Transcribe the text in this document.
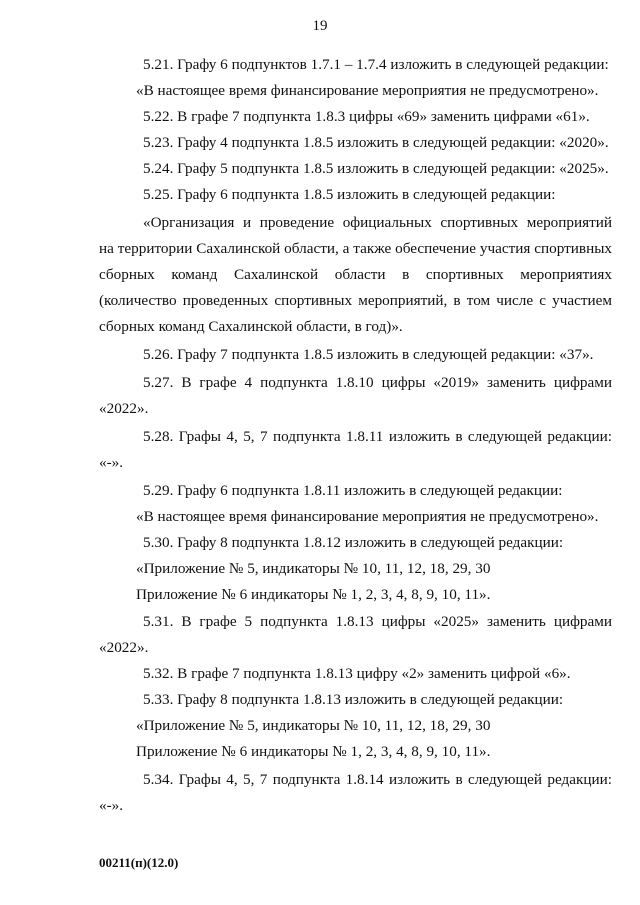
19
5.21. Графу 6 подпунктов 1.7.1 – 1.7.4 изложить в следующей редакции:
«В настоящее время финансирование мероприятия не предусмотрено».
5.22. В графе 7 подпункта 1.8.3 цифры «69» заменить цифрами «61».
5.23. Графу 4 подпункта 1.8.5 изложить в следующей редакции: «2020».
5.24. Графу 5 подпункта 1.8.5 изложить в следующей редакции: «2025».
5.25. Графу 6 подпункта 1.8.5 изложить в следующей редакции:
«Организация и проведение официальных спортивных мероприятий
на территории Сахалинской области, а также обеспечение участия спортивных
сборных команд Сахалинской области в спортивных мероприятиях
(количество проведенных спортивных мероприятий, в том числе с участием
сборных команд Сахалинской области, в год)».
5.26. Графу 7 подпункта 1.8.5 изложить в следующей редакции: «37».
5.27. В графе 4 подпункта 1.8.10 цифры «2019» заменить цифрами
«2022».
5.28. Графы 4, 5, 7 подпункта 1.8.11 изложить в следующей редакции:
«-».
5.29. Графу 6 подпункта 1.8.11 изложить в следующей редакции:
«В настоящее время финансирование мероприятия не предусмотрено».
5.30. Графу 8 подпункта 1.8.12 изложить в следующей редакции:
«Приложение № 5, индикаторы № 10, 11, 12, 18, 29, 30
Приложение № 6 индикаторы № 1, 2, 3, 4, 8, 9, 10, 11».
5.31. В графе 5 подпункта 1.8.13 цифры «2025» заменить цифрами
«2022».
5.32. В графе 7 подпункта 1.8.13 цифру «2» заменить цифрой «6».
5.33. Графу 8 подпункта 1.8.13 изложить в следующей редакции:
«Приложение № 5, индикаторы № 10, 11, 12, 18, 29, 30
Приложение № 6 индикаторы № 1, 2, 3, 4, 8, 9, 10, 11».
5.34. Графы 4, 5, 7 подпункта 1.8.14 изложить в следующей редакции:
«-».
00211(п)(12.0)
